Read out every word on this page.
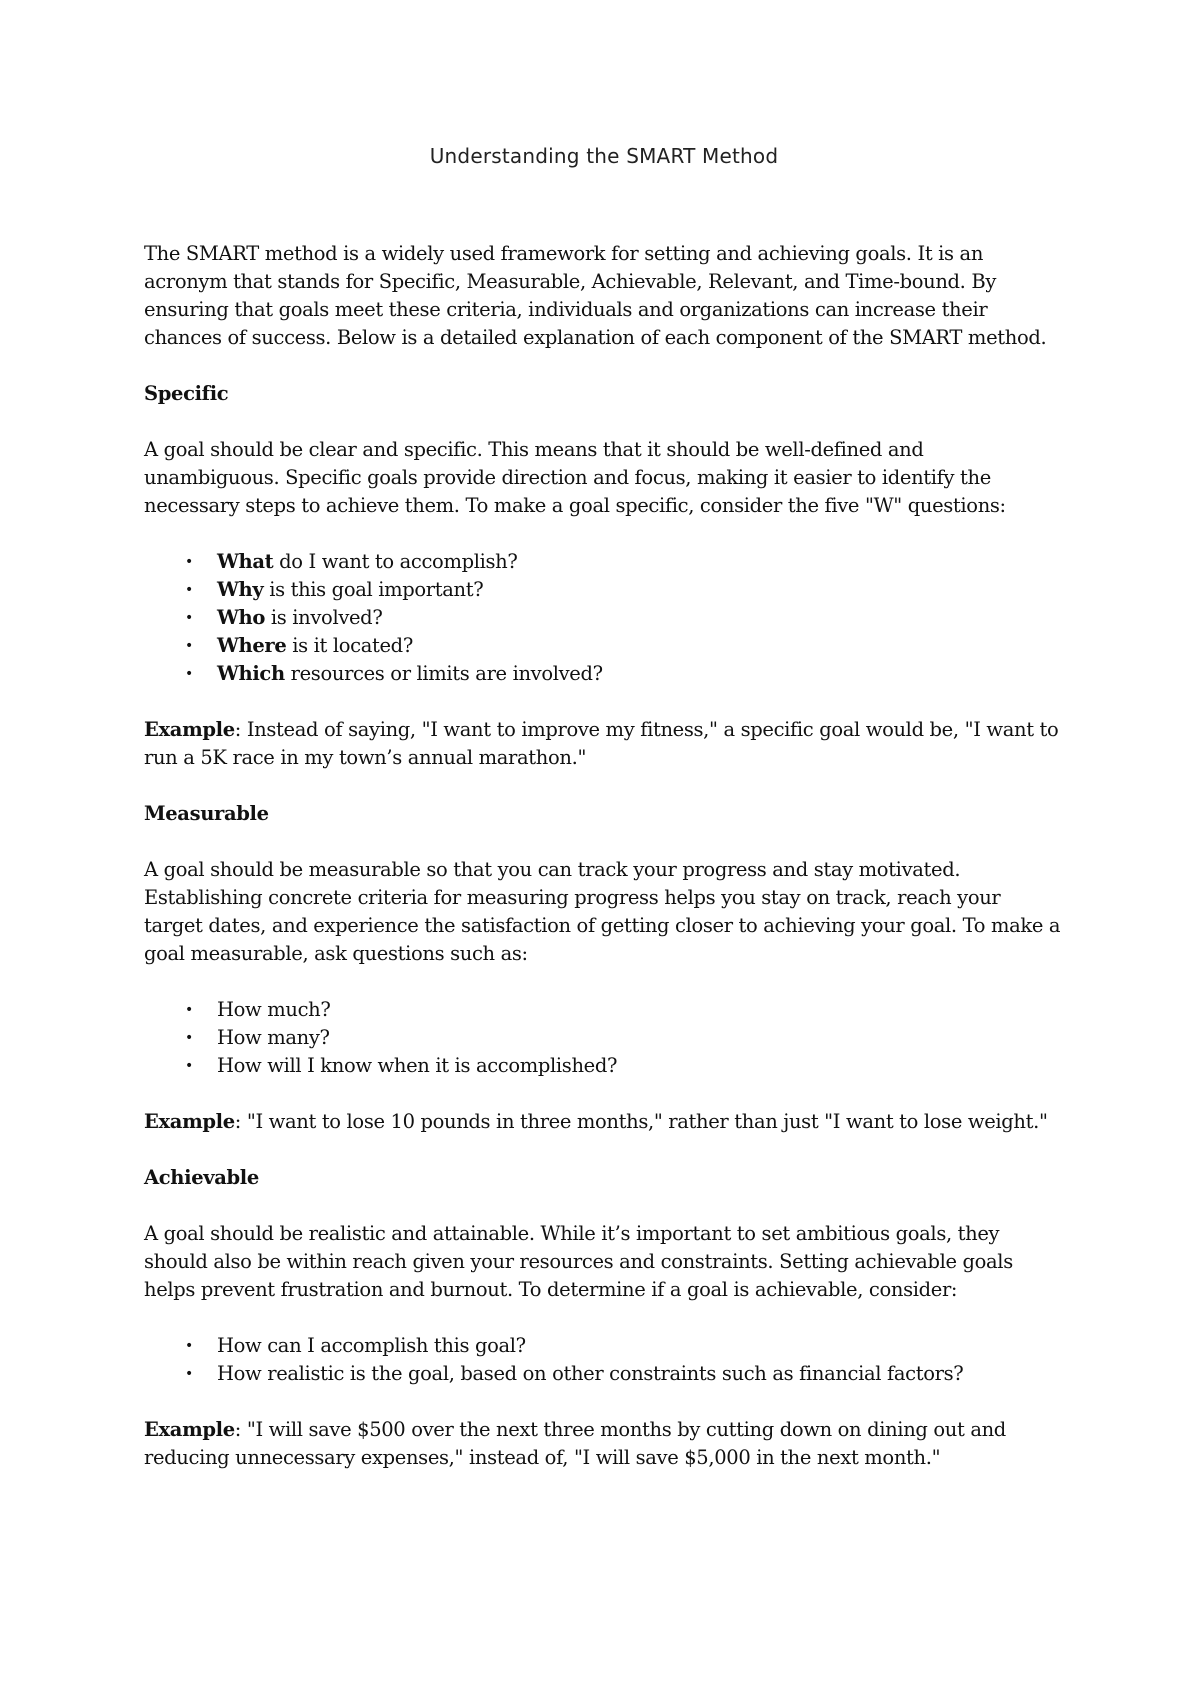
Understanding the SMART Method

The SMART method is a widely used framework for setting and achieving goals. It is an acronym that stands for Specific, Measurable, Achievable, Relevant, and Time-bound. By ensuring that goals meet these criteria, individuals and organizations can increase their chances of success. Below is a detailed explanation of each component of the SMART method.

Specific

A goal should be clear and specific. This means that it should be well-defined and unambiguous. Specific goals provide direction and focus, making it easier to identify the necessary steps to achieve them. To make a goal specific, consider the five "W" questions:

• What do I want to accomplish?
• Why is this goal important?
• Who is involved?
• Where is it located?
• Which resources or limits are involved?

Example: Instead of saying, "I want to improve my fitness," a specific goal would be, "I want to run a 5K race in my town’s annual marathon."

Measurable

A goal should be measurable so that you can track your progress and stay motivated. Establishing concrete criteria for measuring progress helps you stay on track, reach your target dates, and experience the satisfaction of getting closer to achieving your goal. To make a goal measurable, ask questions such as:

• How much?
• How many?
• How will I know when it is accomplished?

Example: "I want to lose 10 pounds in three months," rather than just "I want to lose weight."

Achievable

A goal should be realistic and attainable. While it’s important to set ambitious goals, they should also be within reach given your resources and constraints. Setting achievable goals helps prevent frustration and burnout. To determine if a goal is achievable, consider:

• How can I accomplish this goal?
• How realistic is the goal, based on other constraints such as financial factors?

Example: "I will save $500 over the next three months by cutting down on dining out and reducing unnecessary expenses," instead of, "I will save $5,000 in the next month."
